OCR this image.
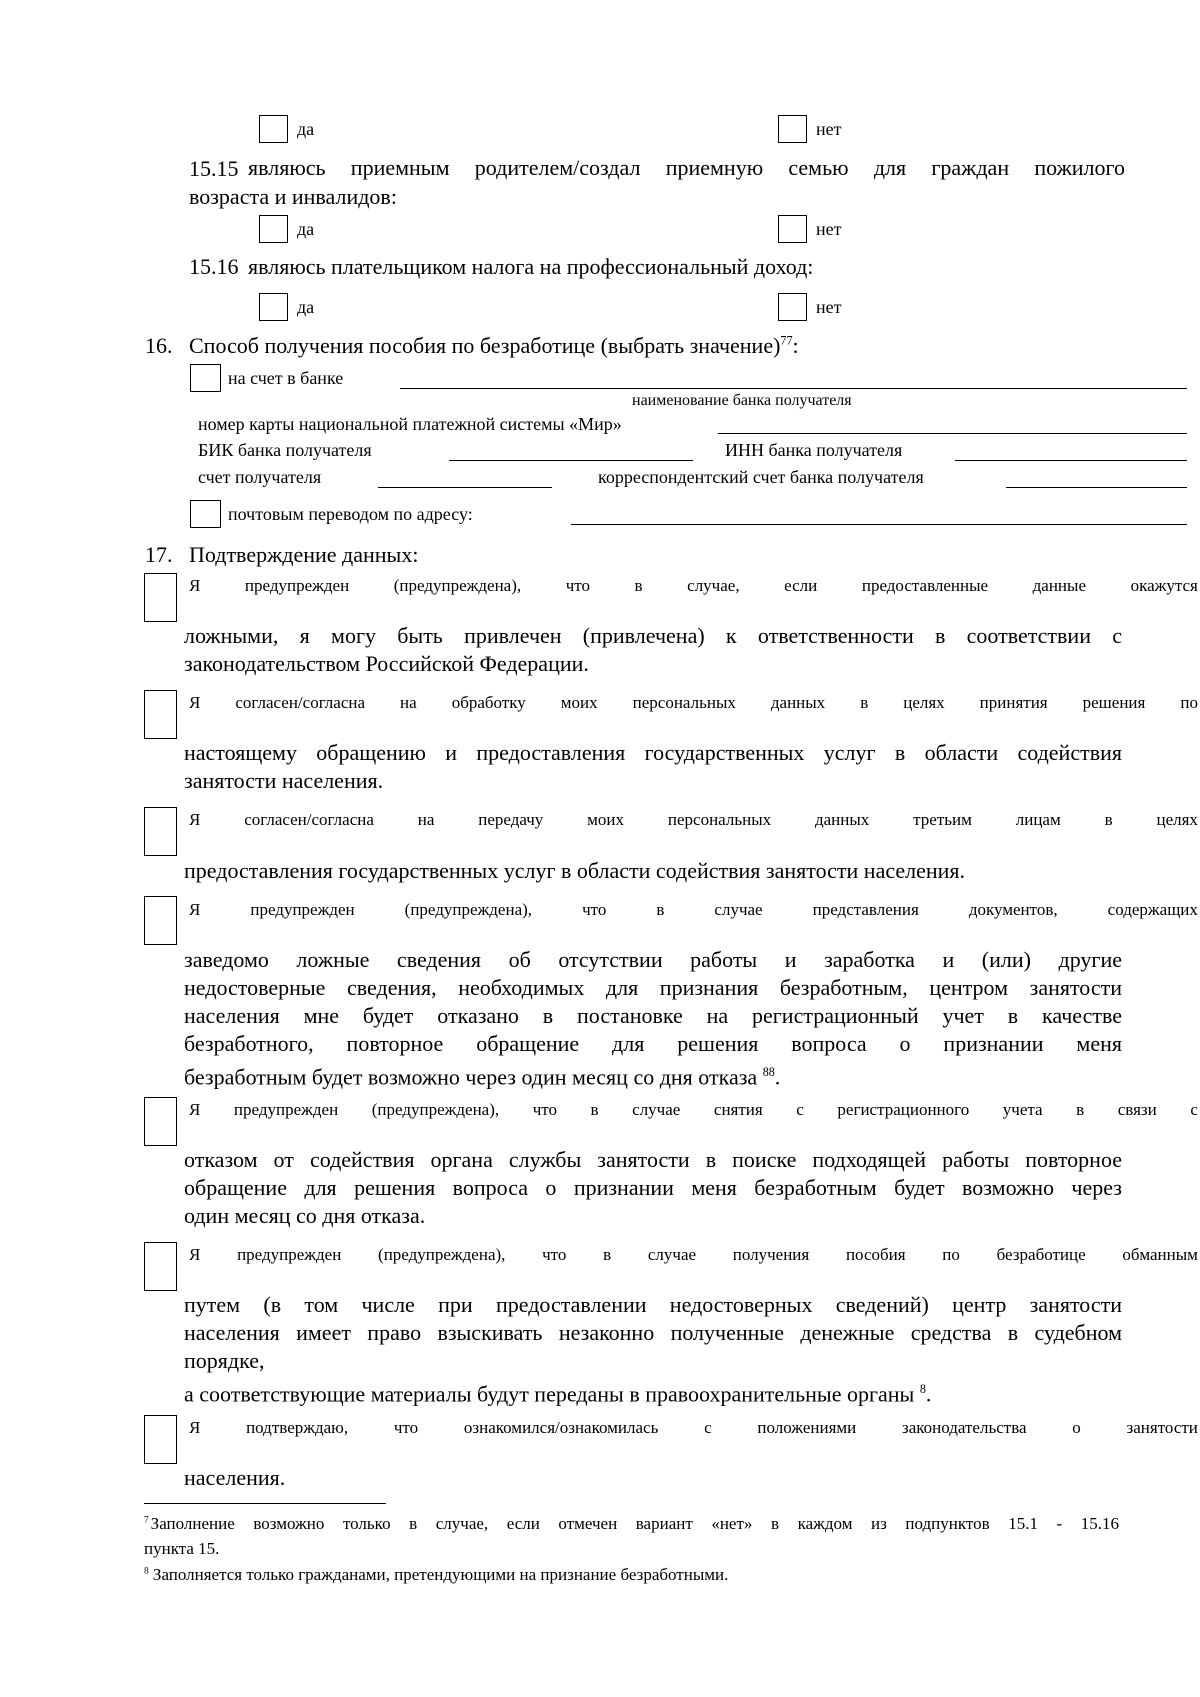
да	нет
15.15 являюсь приемным родителем/создал приемную семью для граждан пожилого
возраста и инвалидов:
да	нет
15.16 являюсь плательщиком налога на профессиональный доход:
да	нет
16. Способ получения пособия по безработице (выбрать значение)$^{77}$:
на счет в банке
наименование банка получателя
номер карты национальной платежной системы «Мир»
БИК банка получателя	ИНН банка получателя
счет получателя	корреспондентский счет банка получателя
почтовым переводом по адресу:
17. Подтверждение данных:
Я	предупрежден	(предупреждена),	что	в	случае,	если	предоставленные	данные	окажутся
ложными, я могу быть привлечен (привлечена) к ответственности в соответствии с
законодательством Российской Федерации.
Я согласен/согласна на обработку моих персональных данных в целях принятия решения по
настоящему обращению и предоставления государственных услуг в области содействия
занятости населения.
Я	согласен/согласна	на	передачу	моих	персональных	данных	третьим	лицам	в	целях
предоставления государственных услуг в области содействия занятости населения.
Я	предупрежден	(предупреждена),	что	в	случае	представления	документов,	содержащих
заведомо ложные сведения об отсутствии работы и заработка и (или) другие
недостоверные сведения, необходимых для признания безработным, центром занятости
населения мне будет отказано в постановке на регистрационный учет в качестве
безработного, повторное обращение для решения вопроса о признании меня
безработным будет возможно через один месяц со дня отказа $^{88}$.
Я предупрежден (предупреждена), что в случае снятия с регистрационного учета в связи с
отказом от содействия органа службы занятости в поиске подходящей работы повторное
обращение для решения вопроса о признании меня безработным будет возможно через
один месяц со дня отказа.
Я предупрежден (предупреждена), что в случае получения пособия по безработице обманным
путем (в том числе при предоставлении недостоверных сведений) центр занятости
населения имеет право взыскивать незаконно полученные денежные средства в судебном
порядке,
а соответствующие материалы будут переданы в правоохранительные органы $^8$.
Я	подтверждаю,	что	ознакомился/ознакомилась	с	положениями	законодательства	о	занятости
населения.
$^7$ Заполнение возможно только в случае, если отмечен вариант «нет» в каждом из подпунктов 15.1 - 15.16
пункта 15.
$^8$ Заполняется только гражданами, претендующими на признание безработными.
